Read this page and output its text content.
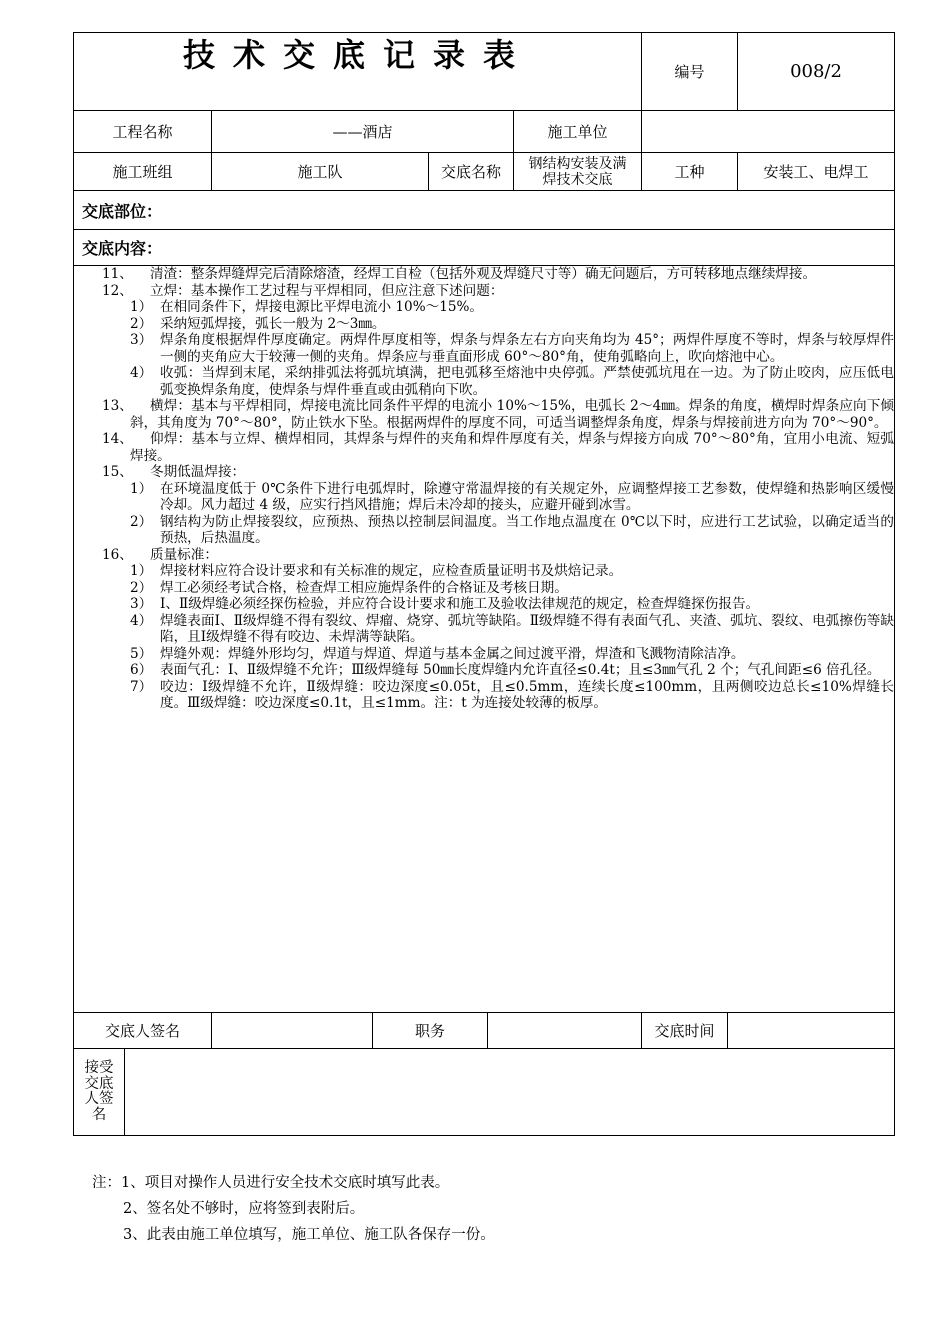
技术交底记录表	编号	008/2
工程名称	——酒店	施工单位
施工班组	施工队	交底名称	钢结构安装及满焊技术交底	工种	安装工、电焊工
交底部位：
交底内容：
11、	清渣：整条焊缝焊完后清除熔渣，经焊工自检（包括外观及焊缝尺寸等）确无问题后，方可转移地点继续焊接。
12、	立焊：基本操作工艺过程与平焊相同，但应注意下述问题：
1） 在相同条件下，焊接电源比平焊电流小 10%～15%。
2） 采纳短弧焊接，弧长一般为 2～3㎜。
3） 焊条角度根据焊件厚度确定。两焊件厚度相等，焊条与焊条左右方向夹角均为 45°；两焊件厚度不等时，焊条与较厚焊件一侧的夹角应大于较薄一侧的夹角。焊条应与垂直面形成 60°～80°角，使角弧略向上，吹向熔池中心。
4） 收弧：当焊到末尾，采纳排弧法将弧坑填满，把电弧移至熔池中央停弧。严禁使弧坑甩在一边。为了防止咬肉，应压低电弧变换焊条角度，使焊条与焊件垂直或由弧稍向下吹。
13、	横焊：基本与平焊相同，焊接电流比同条件平焊的电流小 10%～15%，电弧长 2～4㎜。焊条的角度，横焊时焊条应向下倾斜，其角度为 70°～80°，防止铁水下坠。根据两焊件的厚度不同，可适当调整焊条角度，焊条与焊接前进方向为 70°～90°。
14、	仰焊：基本与立焊、横焊相同，其焊条与焊件的夹角和焊件厚度有关，焊条与焊接方向成 70°～80°角，宜用小电流、短弧焊接。
15、	冬期低温焊接：
1） 在环境温度低于 0℃条件下进行电弧焊时，除遵守常温焊接的有关规定外，应调整焊接工艺参数，使焊缝和热影响区缓慢冷却。风力超过 4 级，应实行挡风措施；焊后未冷却的接头，应避开碰到冰雪。
2） 钢结构为防止焊接裂纹，应预热、预热以控制层间温度。当工作地点温度在 0℃以下时，应进行工艺试验，以确定适当的预热，后热温度。
16、	质量标准：
1） 焊接材料应符合设计要求和有关标准的规定，应检查质量证明书及烘焙记录。
2） 焊工必须经考试合格，检查焊工相应施焊条件的合格证及考核日期。
3） Ⅰ、Ⅱ级焊缝必须经探伤检验，并应符合设计要求和施工及验收法律规范的规定，检查焊缝探伤报告。
4） 焊缝表面Ⅰ、Ⅱ级焊缝不得有裂纹、焊瘤、烧穿、弧坑等缺陷。Ⅱ级焊缝不得有表面气孔、夹渣、弧坑、裂纹、电弧擦伤等缺陷，且Ⅰ级焊缝不得有咬边、未焊满等缺陷。
5） 焊缝外观：焊缝外形均匀，焊道与焊道、焊道与基本金属之间过渡平滑，焊渣和飞溅物清除洁净。
6） 表面气孔：Ⅰ、Ⅱ级焊缝不允许；Ⅲ级焊缝每 50㎜长度焊缝内允许直径≤0.4t；且≤3㎜气孔 2 个；气孔间距≤6 倍孔径。
7） 咬边：Ⅰ级焊缝不允许，Ⅱ级焊缝：咬边深度≤0.05t，且≤0.5mm，连续长度≤100mm，且两侧咬边总长≤10%焊缝长度。Ⅲ级焊缝：咬边深度≤0.1t，且≤1mm。注：t 为连接处较薄的板厚。
交底人签名	职务	交底时间
接受交底人签名
注：1、项目对操作人员进行安全技术交底时填写此表。
2、签名处不够时，应将签到表附后。
3、此表由施工单位填写，施工单位、施工队各保存一份。
